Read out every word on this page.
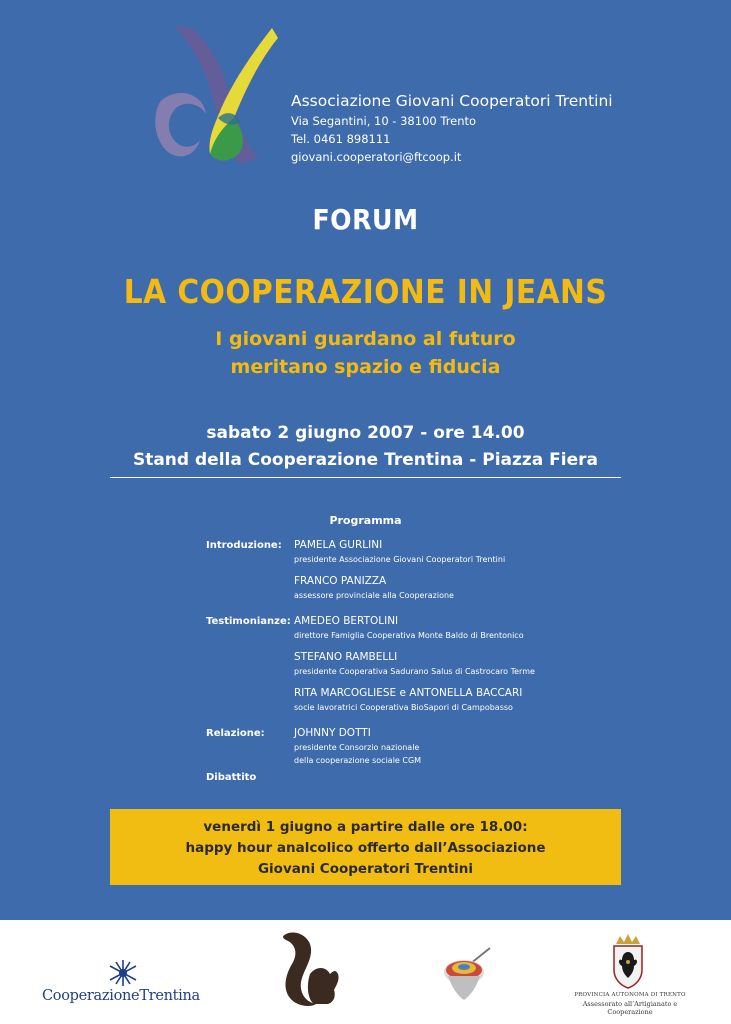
Associazione Giovani Cooperatori Trentini
Via Segantini, 10 - 38100 Trento
Tel. 0461 898111
giovani.cooperatori@ftcoop.it
FORUM
LA COOPERAZIONE IN JEANS
I giovani guardano al futuro
meritano spazio e fiducia
sabato 2 giugno 2007 - ore 14.00
Stand della Cooperazione Trentina - Piazza Fiera
Programma
Introduzione: PAMELA GURLINI
presidente Associazione Giovani Cooperatori Trentini
FRANCO PANIZZA
assessore provinciale alla Cooperazione
Testimonianze: AMEDEO BERTOLINI
direttore Famiglia Cooperativa Monte Baldo di Brentonico
STEFANO RAMBELLI
presidente Cooperativa Sadurano Salus di Castrocaro Terme
RITA MARCOGLIESE e ANTONELLA BACCARI
socie lavoratrici Cooperativa BioSapori di Campobasso
Relazione:	JOHNNY DOTTI
presidente Consorzio nazionale
della cooperazione sociale CGM
Dibattito
venerdì 1 giugno a partire dalle ore 18.00:
happy hour analcolico offerto dall’Associazione
Giovani Cooperatori Trentini
CooperazioneTrentina	PROVINCIA AUTONOMA DI TRENTO
Assessorato all’Artigianato e Cooperazione
